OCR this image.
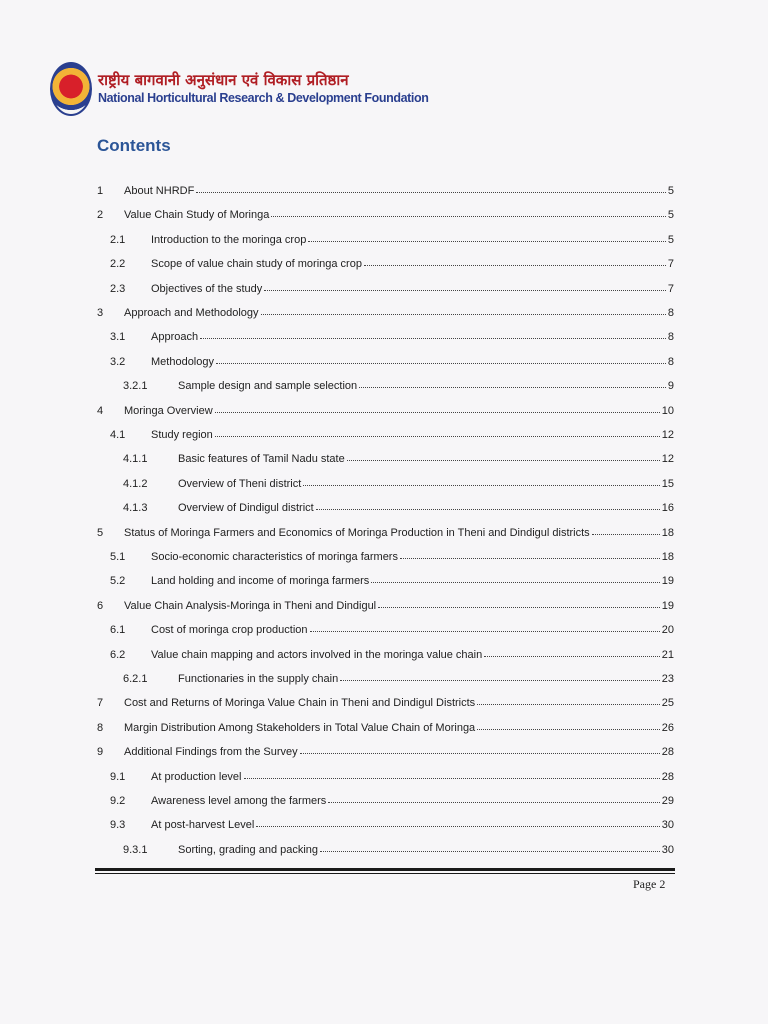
राष्ट्रीय बागवानी अनुसंधान एवं विकास प्रतिष्ठान
National Horticultural Research & Development Foundation
Contents
1	About NHRDF	5
2	Value Chain Study of Moringa	5
2.1	Introduction to the moringa crop	5
2.2	Scope of value chain study of moringa crop	7
2.3	Objectives of the study	7
3	Approach and Methodology	8
3.1	Approach	8
3.2	Methodology	8
3.2.1	Sample design and sample selection	9
4	Moringa Overview	10
4.1	Study region	12
4.1.1	Basic features of Tamil Nadu state	12
4.1.2	Overview of Theni district	15
4.1.3	Overview of Dindigul district	16
5	Status of Moringa Farmers and Economics of Moringa Production in Theni and Dindigul districts	18
5.1	Socio-economic characteristics of moringa farmers	18
5.2	Land holding and income of moringa farmers	19
6	Value Chain Analysis-Moringa in Theni and Dindigul	19
6.1	Cost of moringa crop production	20
6.2	Value chain mapping and actors involved in the moringa value chain	21
6.2.1	Functionaries in the supply chain	23
7	Cost and Returns of Moringa Value Chain in Theni and Dindigul Districts	25
8	Margin Distribution Among Stakeholders in Total Value Chain of Moringa	26
9	Additional Findings from the Survey	28
9.1	At production level	28
9.2	Awareness level among the farmers	29
9.3	At post-harvest Level	30
9.3.1	Sorting, grading and packing	30
Page 2
